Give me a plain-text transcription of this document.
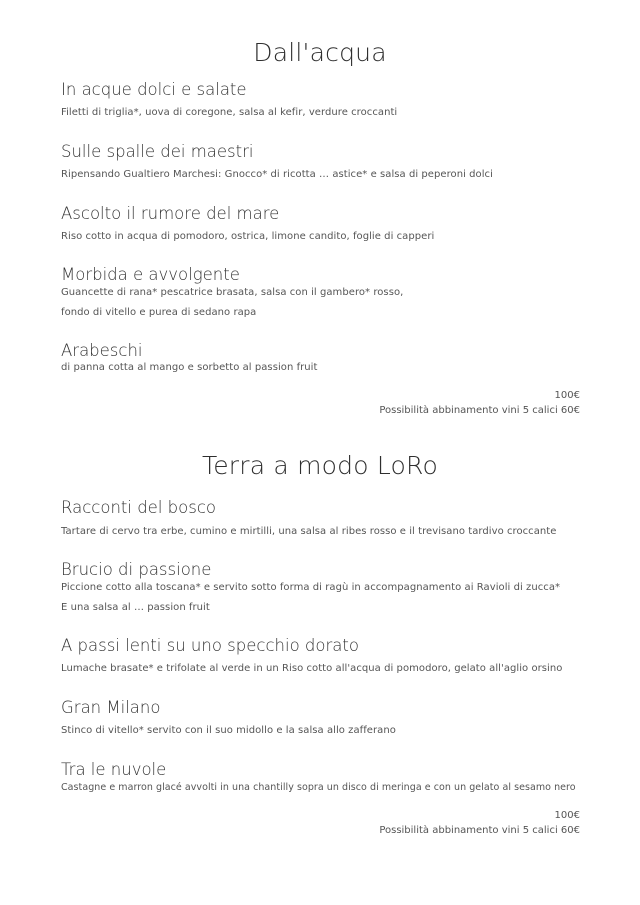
Dall'acqua
In acque dolci e salate
Filetti di triglia*, uova di coregone, salsa al kefir, verdure croccanti
Sulle spalle dei maestri
Ripensando Gualtiero Marchesi: Gnocco* di ricotta … astice* e salsa di peperoni dolci
Ascolto il rumore del mare
Riso cotto in acqua di pomodoro, ostrica, limone candito, foglie di capperi
Morbida e avvolgente
Guancette di rana* pescatrice brasata, salsa con il gambero* rosso,
fondo di vitello e purea di sedano rapa
Arabeschi
di panna cotta al mango e sorbetto al passion fruit
100€
Possibilità abbinamento vini 5 calici 60€
Terra a modo LoRo
Racconti del bosco
Tartare di cervo tra erbe, cumino e mirtilli, una salsa al ribes rosso e il trevisano tardivo croccante
Brucio di passione
Piccione cotto alla toscana* e servito sotto forma di ragù in accompagnamento ai Ravioli di zucca*
E una salsa al … passion fruit
A passi lenti su uno specchio dorato
Lumache brasate* e trifolate al verde in un Riso cotto all'acqua di pomodoro, gelato all'aglio orsino
Gran Milano
Stinco di vitello* servito con il suo midollo e la salsa allo zafferano
Tra le nuvole
Castagne e marron glacé avvolti in una chantilly sopra un disco di meringa e con un gelato al sesamo nero
100€
Possibilità abbinamento vini 5 calici 60€
